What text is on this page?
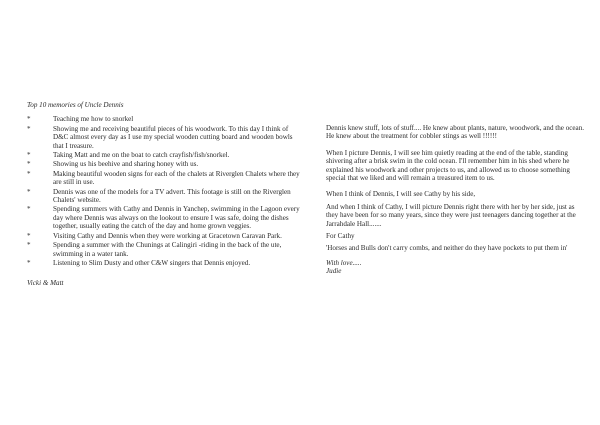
Top 10 memories of Uncle Dennis
*	Teaching me how to snorkel
*	Showing me and receiving beautiful pieces of his woodwork. To this day I think of D&C almost every day as I use my special wooden cutting board and wooden bowls that I treasure.
*	Taking Matt and me on the boat to catch crayfish/fish/snorkel.
*	Showing us his beehive and sharing honey with us.
*	Making beautiful wooden signs for each of the chalets at Riverglen Chalets where they are still in use.
*	Dennis was one of the models for a TV advert. This footage is still on the Riverglen Chalets' website.
*	Spending summers with Cathy and Dennis in Yanchep, swimming in the Lagoon every day where Dennis was always on the lookout to ensure I was safe, doing the dishes together, usually eating the catch of the day and home grown veggies.
*	Visiting Cathy and Dennis when they were working at Gracetown Caravan Park.
*	Spending a summer with the Chunings at Calingiri -riding in the back of the ute, swimming in a water tank.
*	Listening to Slim Dusty and other C&W singers that Dennis enjoyed.
Vicki & Matt

Dennis knew stuff, lots of stuff.... He knew about plants, nature, woodwork, and the ocean. He knew about the treatment for cobbler stings as well !!!!!!

When I picture Dennis, I will see him quietly reading at the end of the table, standing shivering after a brisk swim in the cold ocean. I'll remember him in his shed where he explained his woodwork and other projects to us, and allowed us to choose something special that we liked and will remain a treasured item to us.

When I think of Dennis, I will see Cathy by his side,

And when I think of Cathy, I will picture Dennis right there with her by her side, just as they have been for so many years, since they were just teenagers dancing together at the Jarrahdale Hall.......

For Cathy

'Horses and Bulls don't carry combs, and neither do they have pockets to put them in'

With love.....
Judie
